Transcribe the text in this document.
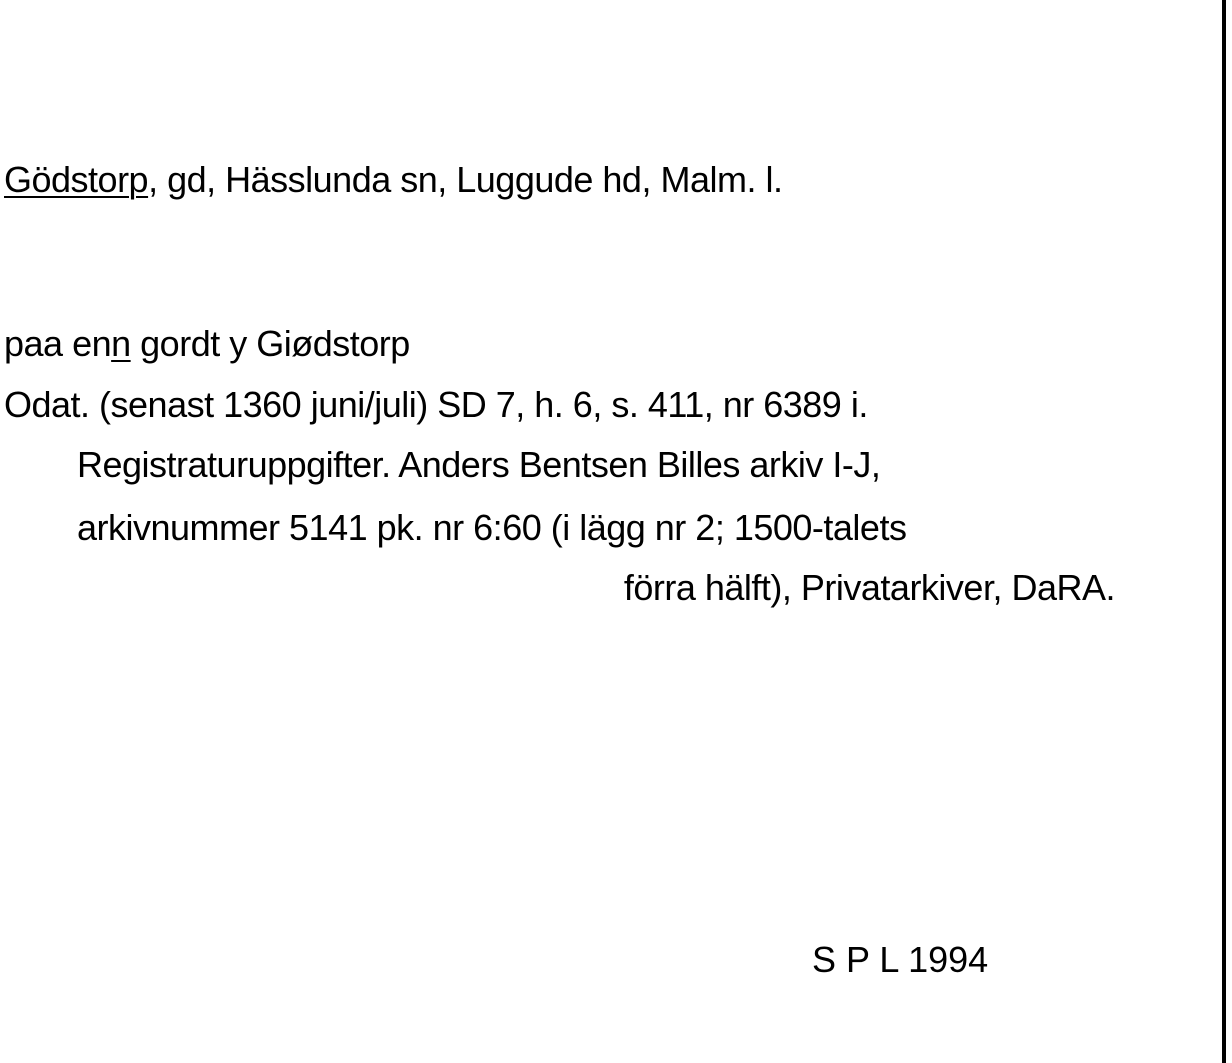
Gödstorp, gd, Hässlunda sn, Luggude hd, Malm. l.
paa enn gordt y Giødstorp
Odat. (senast 1360 juni/juli) SD 7, h. 6, s. 411, nr 6389 i.
Registraturuppgifter. Anders Bentsen Billes arkiv I-J,
arkivnummer 5141 pk. nr 6:60 (i lägg nr 2; 1500-talets
förra hälft), Privatarkiver, DaRA.
S P L 1994
